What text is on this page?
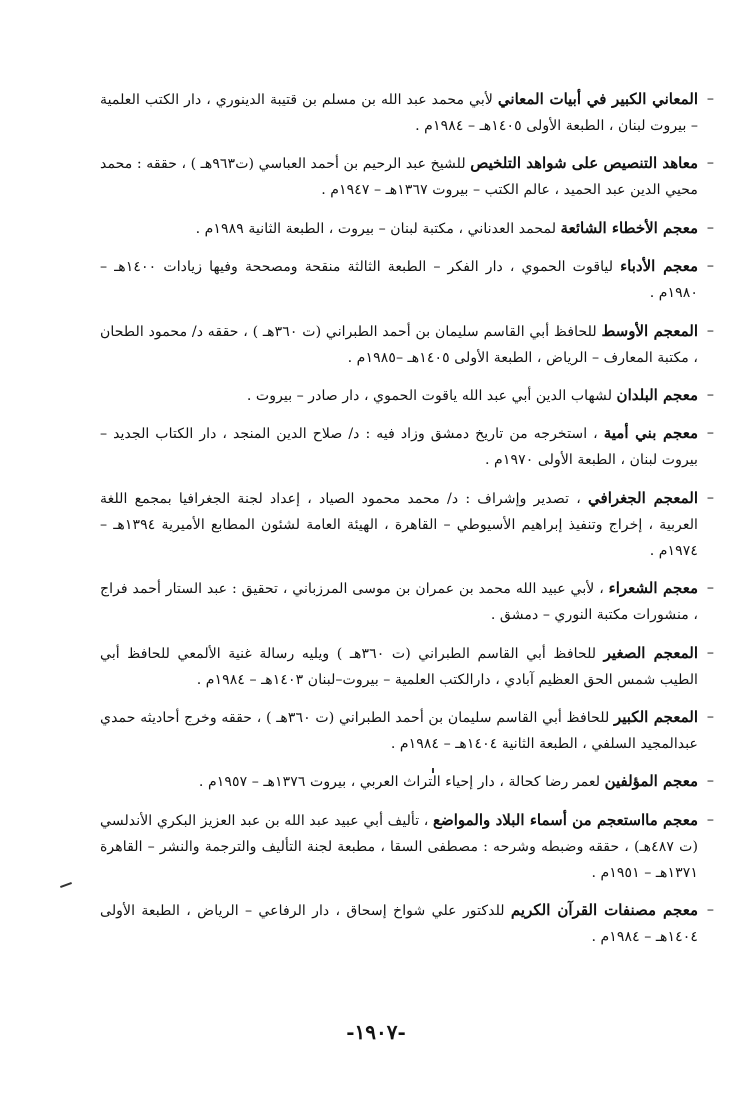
– المعاني الكبير في أبيات المعاني لأبي محمد عبد الله بن مسلم بن قتيبة الدينوري ، دار الكتب العلمية – بيروت لبنان ، الطبعة الأولى ١٤٠٥هـ – ١٩٨٤م .
– معاهد التنصيص على شواهد التلخيص للشيخ عبد الرحيم بن أحمد العباسي (ت٩٦٣هـ ) ، حققه : محمد محيي الدين عبد الحميد ، عالم الكتب – بيروت ١٣٦٧هـ – ١٩٤٧م .
– معجم الأخطاء الشائعة لمحمد العدناني ، مكتبة لبنان – بيروت ، الطبعة الثانية ١٩٨٩م .
– معجم الأدباء لياقوت الحموي ، دار الفكر – الطبعة الثالثة منقحة ومصححة وفيها زيادات ١٤٠٠هـ – ١٩٨٠م .
– المعجم الأوسط للحافظ أبي القاسم سليمان بن أحمد الطبراني (ت ٣٦٠هـ ) ، حققه د/ محمود الطحان ، مكتبة المعارف – الرياض ، الطبعة الأولى ١٤٠٥هـ –١٩٨٥م .
– معجم البلدان لشهاب الدين أبي عبد الله ياقوت الحموي ، دار صادر – بيروت .
– معجم بني أمية ، استخرجه من تاريخ دمشق وزاد فيه : د/ صلاح الدين المنجد ، دار الكتاب الجديد – بيروت لبنان ، الطبعة الأولى ١٩٧٠م .
– المعجم الجغرافي ، تصدير وإشراف : د/ محمد محمود الصياد ، إعداد لجنة الجغرافيا بمجمع اللغة العربية ، إخراج وتنفيذ إبراهيم الأسيوطي – القاهرة ، الهيئة العامة لشئون المطابع الأميرية ١٣٩٤هـ – ١٩٧٤م .
– معجم الشعراء ، لأبي عبيد الله محمد بن عمران بن موسى المرزباني ، تحقيق : عبد الستار أحمد فراج ، منشورات مكتبة النوري – دمشق .
– المعجم الصغير للحافظ أبي القاسم الطبراني (ت ٣٦٠هـ ) ويليه رسالة غنية الألمعي للحافظ أبي الطيب شمس الحق العظيم آبادي ، دارالكتب العلمية – بيروت–لبنان ١٤٠٣هـ – ١٩٨٤م .
– المعجم الكبير للحافظ أبي القاسم سليمان بن أحمد الطبراني (ت ٣٦٠هـ ) ، حققه وخرج أحاديثه حمدي عبدالمجيد السلفي ، الطبعة الثانية ١٤٠٤هـ – ١٩٨٤م .
– معجم المؤلفين لعمر رضا كحالة ، دار إحياء التراث العربي ، بيروت ١٣٧٦هـ – ١٩٥٧م .
– معجم مااستعجم من أسماء البلاد والمواضع ، تأليف أبي عبيد عبد الله بن عبد العزيز البكري الأندلسي (ت ٤٨٧هـ) ، حققه وضبطه وشرحه : مصطفى السقا ، مطبعة لجنة التأليف والترجمة والنشر – القاهرة ١٣٧١هـ – ١٩٥١م .
– معجم مصنفات القرآن الكريم للدكتور علي شواخ إسحاق ، دار الرفاعي – الرياض ، الطبعة الأولى ١٤٠٤هـ – ١٩٨٤م .
-١٩٠٧-
